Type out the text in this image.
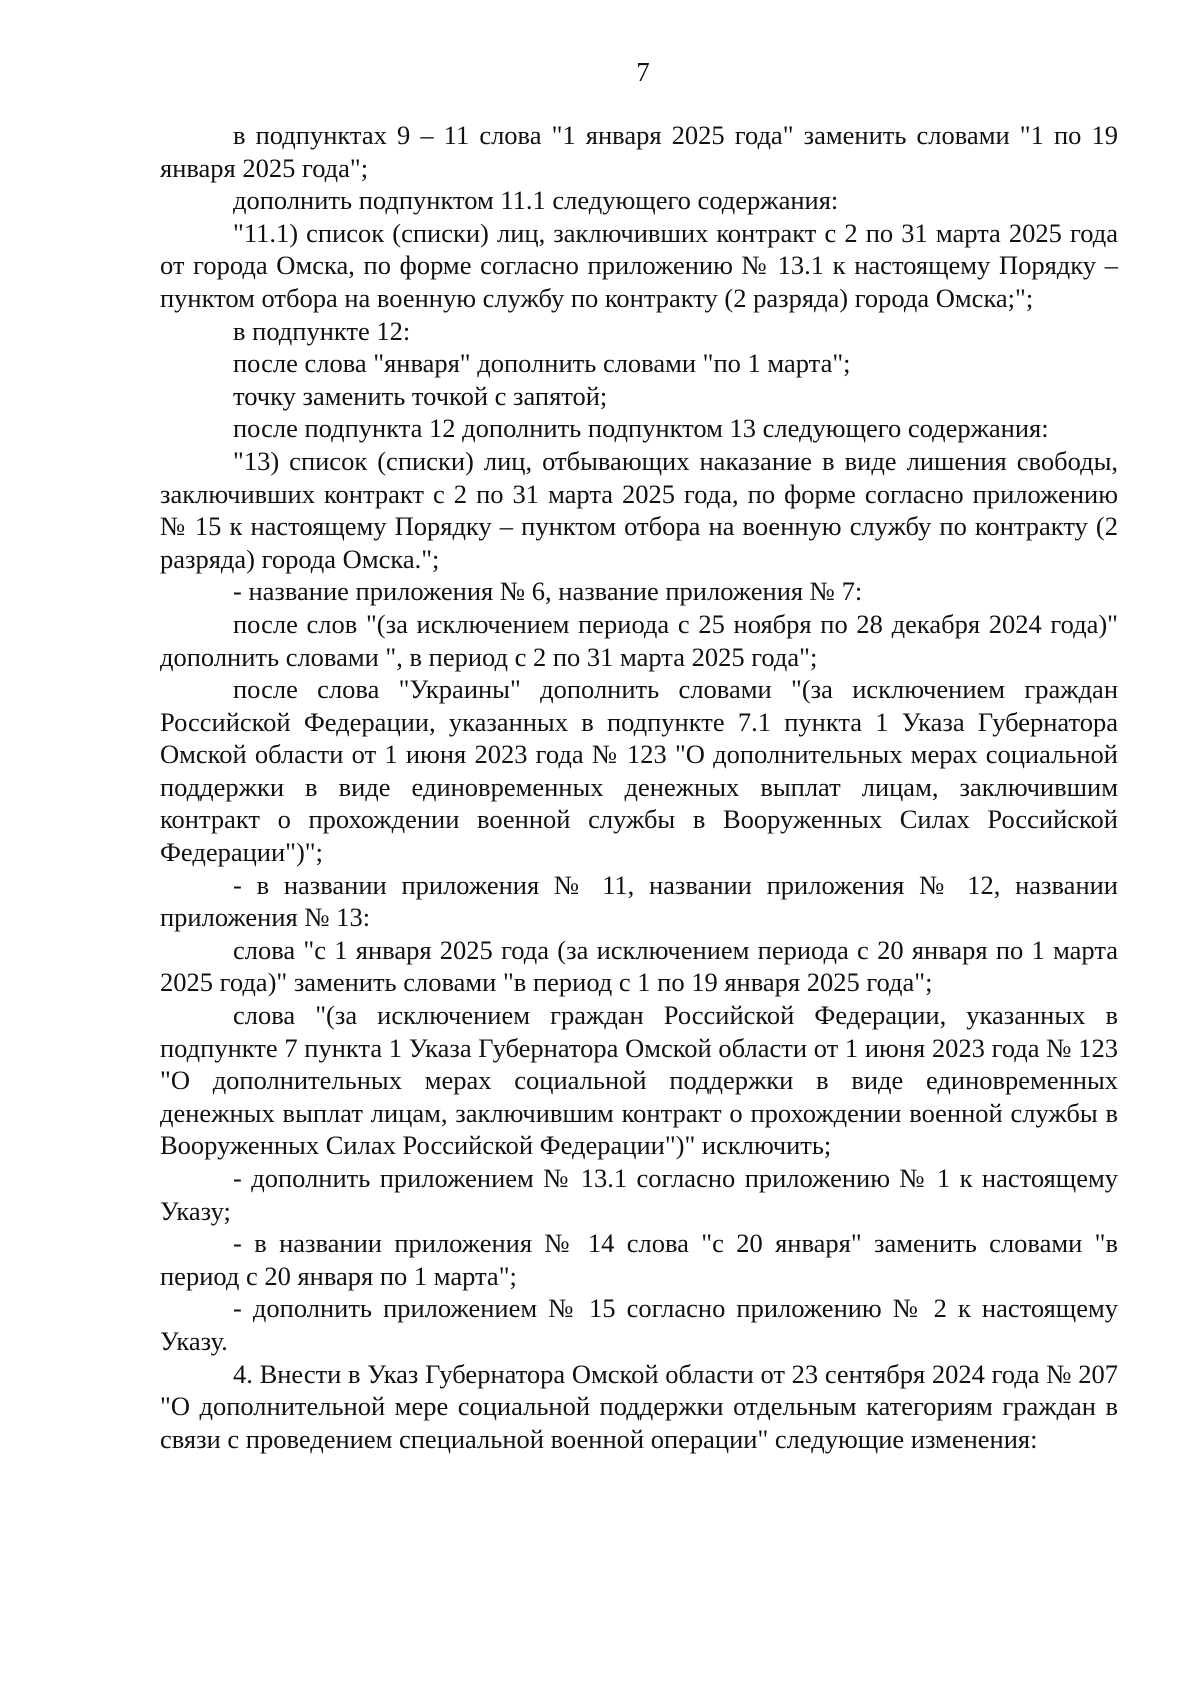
7

в подпунктах 9 – 11 слова "1 января 2025 года" заменить словами "1 по 19 января 2025 года";

дополнить подпунктом 11.1 следующего содержания:

"11.1) список (списки) лиц, заключивших контракт с 2 по 31 марта 2025 года от города Омска, по форме согласно приложению № 13.1 к настоящему Порядку – пунктом отбора на военную службу по контракту (2 разряда) города Омска;";

в подпункте 12:

после слова "января" дополнить словами "по 1 марта";

точку заменить точкой с запятой;

после подпункта 12 дополнить подпунктом 13 следующего содержания:

"13) список (списки) лиц, отбывающих наказание в виде лишения свободы, заключивших контракт с 2 по 31 марта 2025 года, по форме согласно приложению № 15 к настоящему Порядку – пунктом отбора на военную службу по контракту (2 разряда) города Омска.";

- название приложения № 6, название приложения № 7:

после слов "(за исключением периода с 25 ноября по 28 декабря 2024 года)" дополнить словами ", в период с 2 по 31 марта 2025 года";

после слова "Украины" дополнить словами "(за исключением граждан Российской Федерации, указанных в подпункте 7.1 пункта 1 Указа Губернатора Омской области от 1 июня 2023 года № 123 "О дополнительных мерах социальной поддержки в виде единовременных денежных выплат лицам, заключившим контракт о прохождении военной службы в Вооруженных Силах Российской Федерации")";

- в названии приложения № 11, названии приложения № 12, названии приложения № 13:

слова "с 1 января 2025 года (за исключением периода с 20 января по 1 марта 2025 года)" заменить словами "в период с 1 по 19 января 2025 года";

слова "(за исключением граждан Российской Федерации, указанных в подпункте 7 пункта 1 Указа Губернатора Омской области от 1 июня 2023 года № 123 "О дополнительных мерах социальной поддержки в виде единовременных денежных выплат лицам, заключившим контракт о прохождении военной службы в Вооруженных Силах Российской Федерации")" исключить;

- дополнить приложением № 13.1 согласно приложению № 1 к настоящему Указу;

- в названии приложения № 14 слова "с 20 января" заменить словами "в период с 20 января по 1 марта";

- дополнить приложением № 15 согласно приложению № 2 к настоящему Указу.

4. Внести в Указ Губернатора Омской области от 23 сентября 2024 года № 207 "О дополнительной мере социальной поддержки отдельным категориям граждан в связи с проведением специальной военной операции" следующие изменения:
